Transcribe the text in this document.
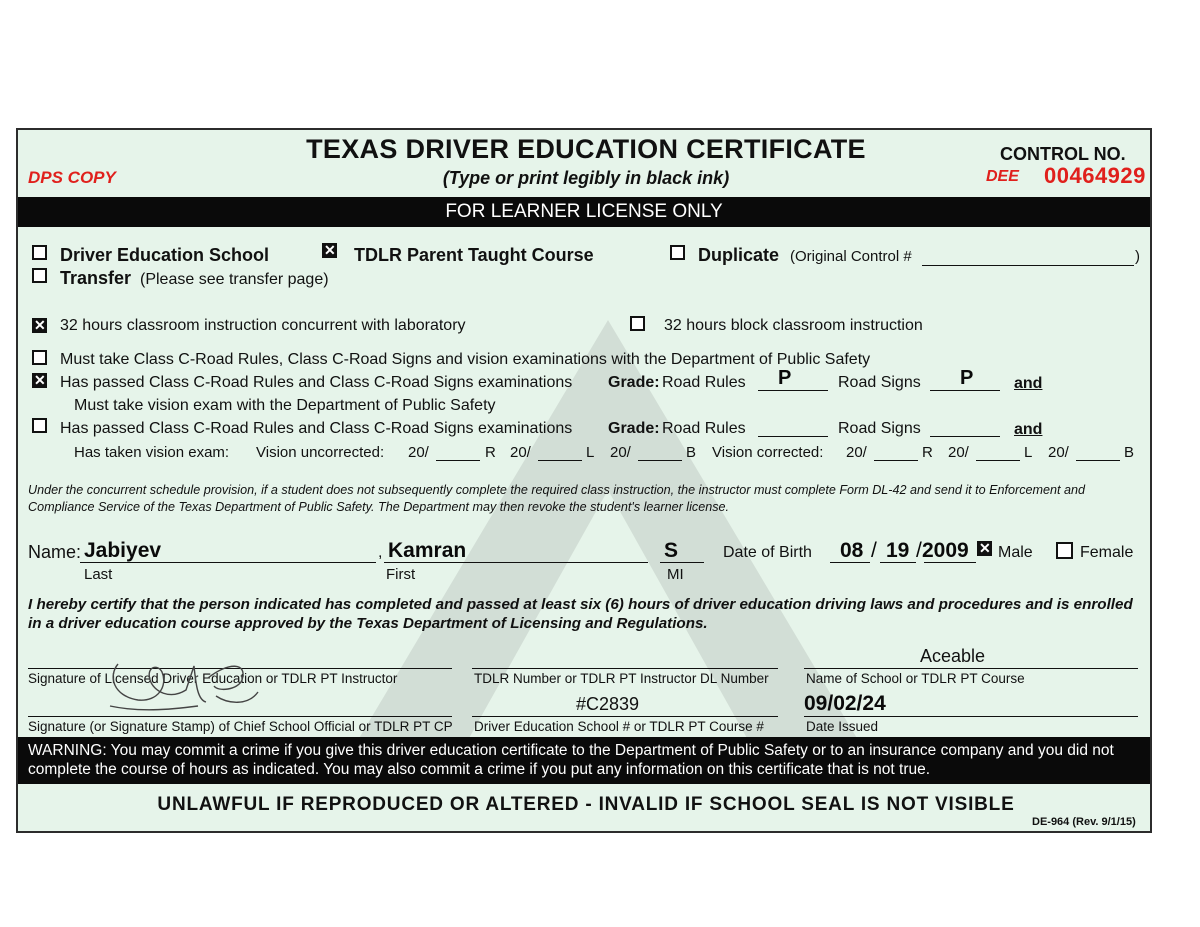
DPS COPY
TEXAS DRIVER EDUCATION CERTIFICATE
(Type or print legibly in black ink)
CONTROL NO.
DEE 00464929
FOR LEARNER LICENSE ONLY
Driver Education School	✕ TDLR Parent Taught Course	Duplicate (Original Control #	)
Transfer (Please see transfer page)
✕ 32 hours classroom instruction concurrent with laboratory	32 hours block classroom instruction
Must take Class C-Road Rules, Class C-Road Signs and vision examinations with the Department of Public Safety
✕ Has passed Class C-Road Rules and Class C-Road Signs examinations Grade: Road Rules P	Road Signs P	and
Must take vision exam with the Department of Public Safety
Has passed Class C-Road Rules and Class C-Road Signs examinations Grade: Road Rules	Road Signs	and
Has taken vision exam: Vision uncorrected: 20/	R 20/	L 20/	B Vision corrected: 20/	R 20/	L 20/	B
Under the concurrent schedule provision, if a student does not subsequently complete the required class instruction, the instructor must complete Form DL-42 and send it to Enforcement and Compliance Service of the Texas Department of Public Safety. The Department may then revoke the student's learner license.
Name: Jabiyev
Last
, Kamran
First
S
MI
Date of Birth 08 / 19 / 2009 ✕ Male	Female
I hereby certify that the person indicated has completed and passed at least six (6) hours of driver education driving laws and procedures and is enrolled in a driver education course approved by the Texas Department of Licensing and Regulations.
Signature of Licensed Driver Education or TDLR PT Instructor	TDLR Number or TDLR PT Instructor DL Number
Aceable
Name of School or TDLR PT Course
Signature (or Signature Stamp) of Chief School Official or TDLR PT CP
#C2839
Driver Education School # or TDLR PT Course #
09/02/24
Date Issued
WARNING: You may commit a crime if you give this driver education certificate to the Department of Public Safety or to an insurance company and you did not complete the course of hours as indicated. You may also commit a crime if you put any information on this certificate that is not true.
UNLAWFUL IF REPRODUCED OR ALTERED - INVALID IF SCHOOL SEAL IS NOT VISIBLE
DE-964 (Rev. 9/1/15)
